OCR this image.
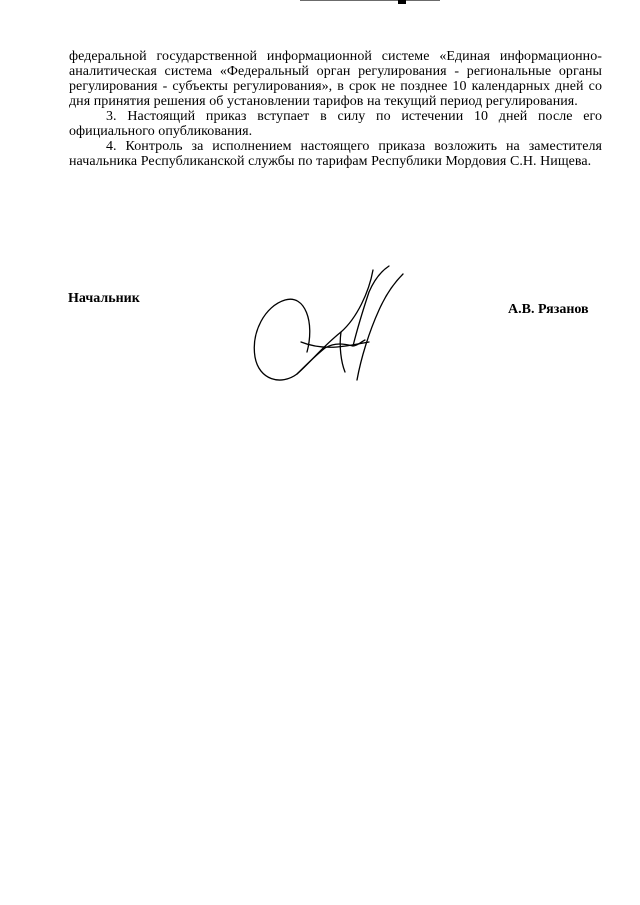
федеральной государственной информационной системе «Единая информационно-аналитическая система «Федеральный орган регулирования - региональные органы регулирования - субъекты регулирования», в срок не позднее 10 календарных дней со дня принятия решения об установлении тарифов на текущий период регулирования.

3. Настоящий приказ вступает в силу по истечении 10 дней после его официального опубликования.

4. Контроль за исполнением настоящего приказа возложить на заместителя начальника Республиканской службы по тарифам Республики Мордовия С.Н. Нищева.

Начальник
А.В. Рязанов
